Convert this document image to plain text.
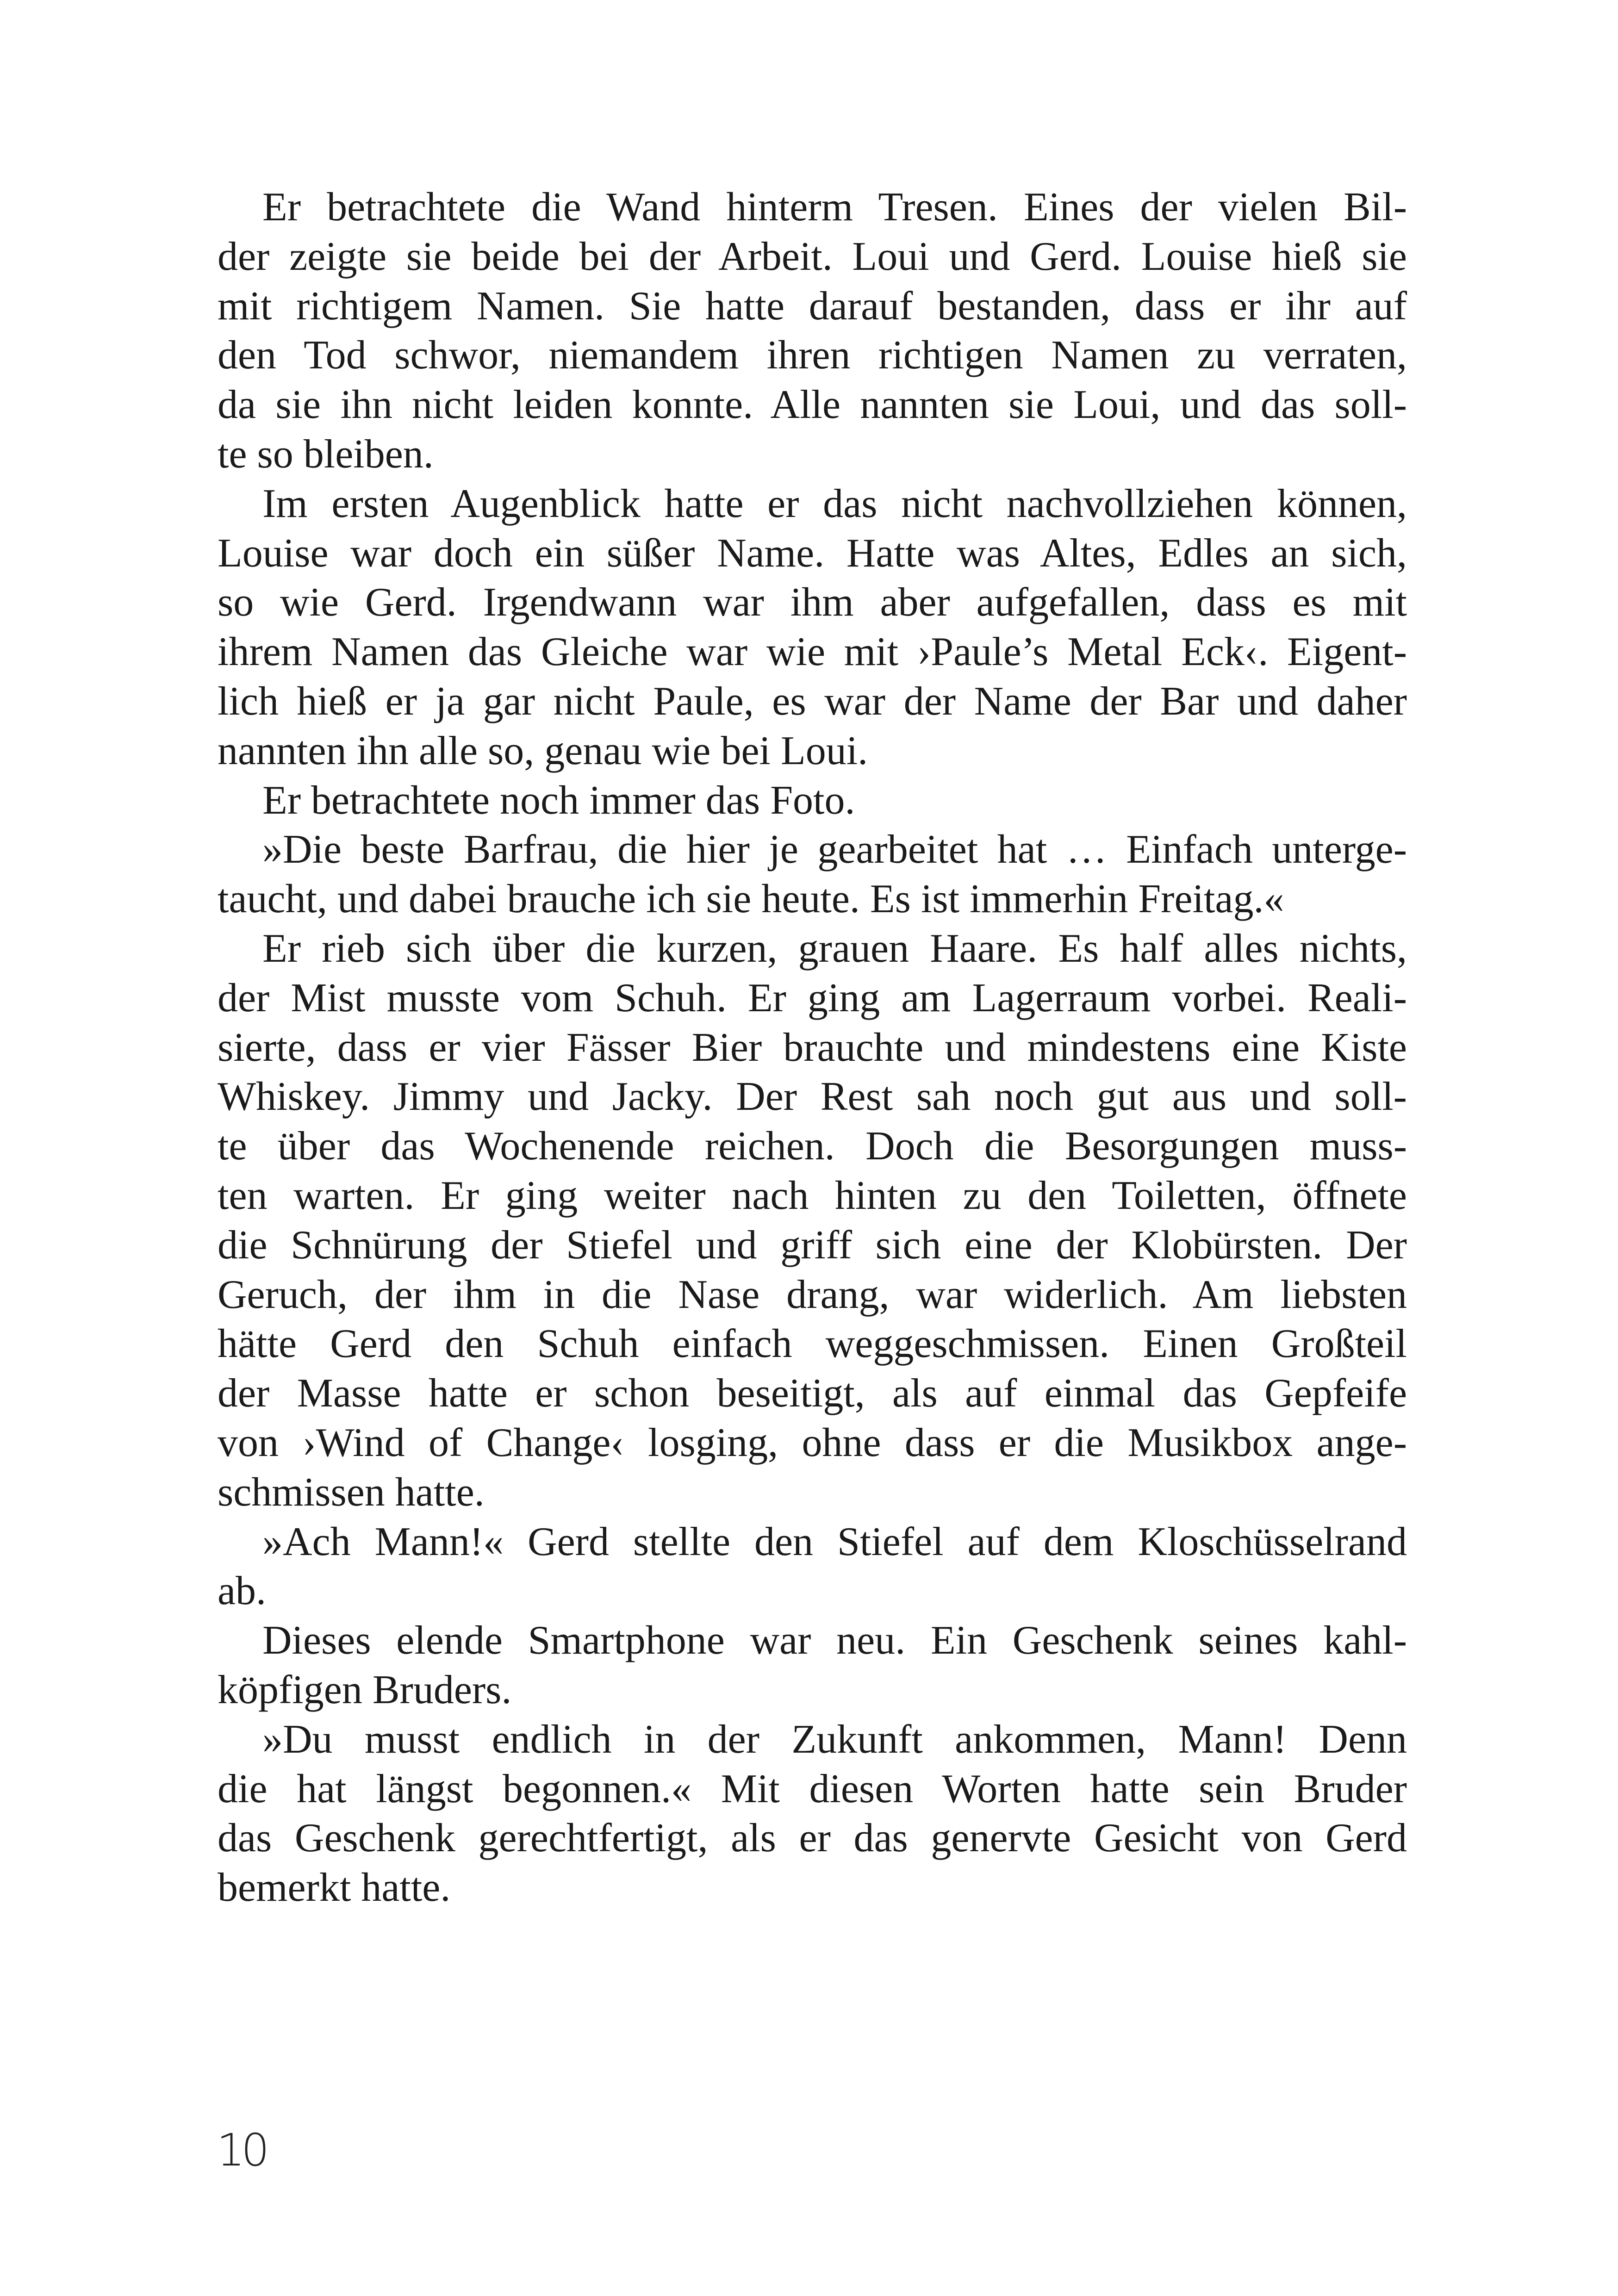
Er betrachtete die Wand hinterm Tresen. Eines der vielen Bil-
der zeigte sie beide bei der Arbeit. Loui und Gerd. Louise hieß sie
mit richtigem Namen. Sie hatte darauf bestanden, dass er ihr auf
den Tod schwor, niemandem ihren richtigen Namen zu verraten,
da sie ihn nicht leiden konnte. Alle nannten sie Loui, und das soll-
te so bleiben.
Im ersten Augenblick hatte er das nicht nachvollziehen können,
Louise war doch ein süßer Name. Hatte was Altes, Edles an sich,
so wie Gerd. Irgendwann war ihm aber aufgefallen, dass es mit
ihrem Namen das Gleiche war wie mit ›Paule’s Metal Eck‹. Eigent-
lich hieß er ja gar nicht Paule, es war der Name der Bar und daher
nannten ihn alle so, genau wie bei Loui.
Er betrachtete noch immer das Foto.
»Die beste Barfrau, die hier je gearbeitet hat … Einfach unterge-
taucht, und dabei brauche ich sie heute. Es ist immerhin Freitag.«
Er rieb sich über die kurzen, grauen Haare. Es half alles nichts,
der Mist musste vom Schuh. Er ging am Lagerraum vorbei. Reali-
sierte, dass er vier Fässer Bier brauchte und mindestens eine Kiste
Whiskey. Jimmy und Jacky. Der Rest sah noch gut aus und soll-
te über das Wochenende reichen. Doch die Besorgungen muss-
ten warten. Er ging weiter nach hinten zu den Toiletten, öffnete
die Schnürung der Stiefel und griff sich eine der Klobürsten. Der
Geruch, der ihm in die Nase drang, war widerlich. Am liebsten
hätte Gerd den Schuh einfach weggeschmissen. Einen Großteil
der Masse hatte er schon beseitigt, als auf einmal das Gepfeife
von ›Wind of Change‹ losging, ohne dass er die Musikbox ange-
schmissen hatte.
»Ach Mann!« Gerd stellte den Stiefel auf dem Kloschüsselrand
ab.
Dieses elende Smartphone war neu. Ein Geschenk seines kahl-
köpfigen Bruders.
»Du musst endlich in der Zukunft ankommen, Mann! Denn
die hat längst begonnen.« Mit diesen Worten hatte sein Bruder
das Geschenk gerechtfertigt, als er das genervte Gesicht von Gerd
bemerkt hatte.
10
